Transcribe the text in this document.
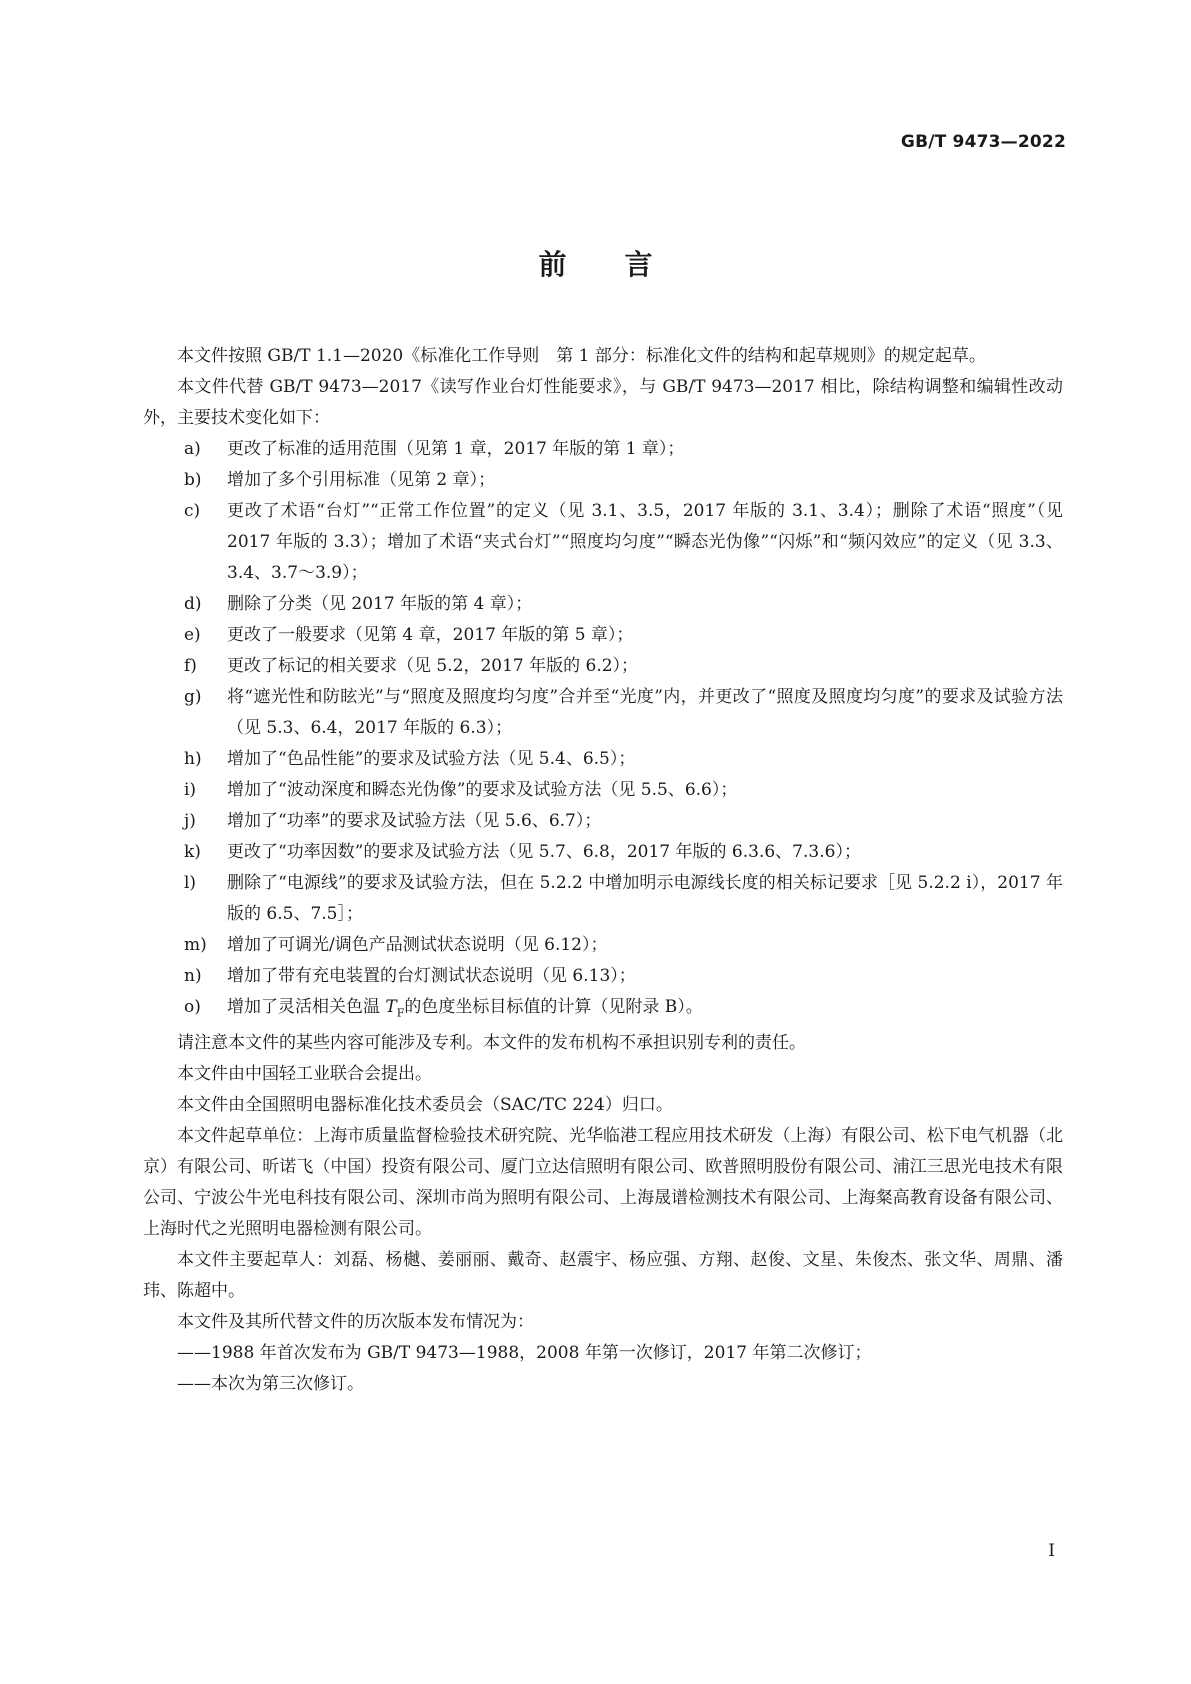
GB/T 9473—2022
前言

本文件按照 GB/T 1.1—2020《标准化工作导则　第 1 部分：标准化文件的结构和起草规则》的规定起草。

本文件代替 GB/T 9473—2017《读写作业台灯性能要求》，与 GB/T 9473—2017 相比，除结构调整和编辑性改动外，主要技术变化如下：

a)	更改了标准的适用范围（见第 1 章，2017 年版的第 1 章）；
b)	增加了多个引用标准（见第 2 章）；
c)	更改了术语“台灯”“正常工作位置”的定义（见 3.1、3.5，2017 年版的 3.1、3.4）；删除了术语“照度”（见 2017 年版的 3.3）；增加了术语“夹式台灯”“照度均匀度”“瞬态光伪像”“闪烁”和“频闪效应”的定义（见 3.3、3.4、3.7～3.9）；
d)	删除了分类（见 2017 年版的第 4 章）；
e)	更改了一般要求（见第 4 章，2017 年版的第 5 章）；
f)	更改了标记的相关要求（见 5.2，2017 年版的 6.2）；
g)	将“遮光性和防眩光”与“照度及照度均匀度”合并至“光度”内，并更改了“照度及照度均匀度”的要求及试验方法（见 5.3、6.4，2017 年版的 6.3）；
h)	增加了“色品性能”的要求及试验方法（见 5.4、6.5）；
i)	增加了“波动深度和瞬态光伪像”的要求及试验方法（见 5.5、6.6）；
j)	增加了“功率”的要求及试验方法（见 5.6、6.7）；
k)	更改了“功率因数”的要求及试验方法（见 5.7、6.8，2017 年版的 6.3.6、7.3.6）；
l)	删除了“电源线”的要求及试验方法，但在 5.2.2 中增加明示电源线长度的相关标记要求［见 5.2.2 i），2017 年版的 6.5、7.5］；
m)	增加了可调光/调色产品测试状态说明（见 6.12）；
n)	增加了带有充电装置的台灯测试状态说明（见 6.13）；
o)	增加了灵活相关色温 $T_F$的色度坐标目标值的计算（见附录 B）。

请注意本文件的某些内容可能涉及专利。本文件的发布机构不承担识别专利的责任。

本文件由中国轻工业联合会提出。

本文件由全国照明电器标准化技术委员会（SAC/TC 224）归口。

本文件起草单位：上海市质量监督检验技术研究院、光华临港工程应用技术研发（上海）有限公司、松下电气机器（北京）有限公司、昕诺飞（中国）投资有限公司、厦门立达信照明有限公司、欧普照明股份有限公司、浦江三思光电技术有限公司、宁波公牛光电科技有限公司、深圳市尚为照明有限公司、上海晟谱检测技术有限公司、上海粲高教育设备有限公司、上海时代之光照明电器检测有限公司。

本文件主要起草人：刘磊、杨樾、姜丽丽、戴奇、赵震宇、杨应强、方翔、赵俊、文星、朱俊杰、张文华、周鼎、潘玮、陈超中。

本文件及其所代替文件的历次版本发布情况为：

——1988 年首次发布为 GB/T 9473—1988，2008 年第一次修订，2017 年第二次修订；
——本次为第三次修订。
I
